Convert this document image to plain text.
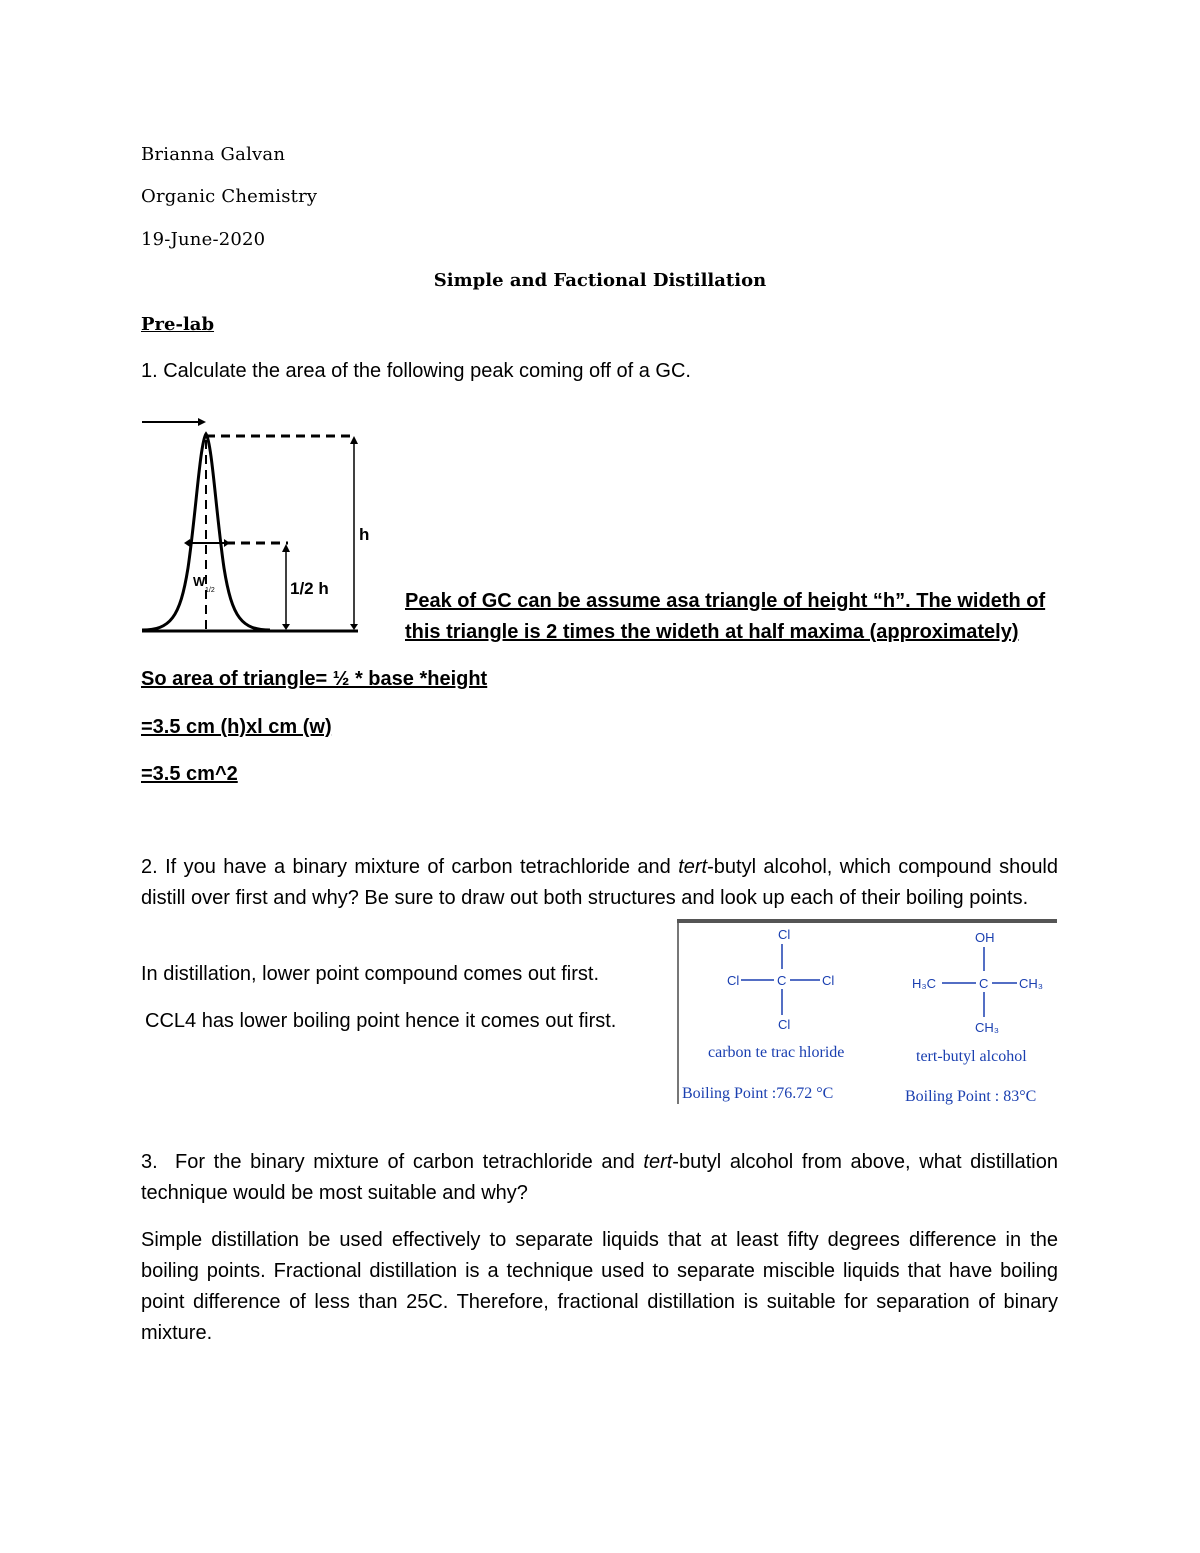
Brianna Galvan
Organic Chemistry
19-June-2020
Simple and Factional Distillation
Pre-lab
1. Calculate the area of the following peak coming off of a GC.
h
1/2 h
W
1/2	Peak of GC can be assume asa triangle of height “h”. The wideth of
this triangle is 2 times the wideth at half maxima (approximately)
So area of triangle= ½ * base *height
=3.5 cm (h)xl cm (w)
=3.5 cm^2
2. If you have a binary mixture of carbon tetrachloride and tert-butyl alcohol, which compound should distill over first and why? Be sure to draw out both structures and look up each of their boiling points.
In distillation, lower point compound comes out first.
CCL4 has lower boiling point hence it comes out first.
Cl
Cl	C	Cl
Cl
OH
H₃C	C CH₃
CH₃
carbon te trac hloride	tert-butyl alcohol
Boiling Point :76.72 °C	Boiling Point : 83°C
3. For the binary mixture of carbon tetrachloride and tert-butyl alcohol from above, what distillation technique would be most suitable and why?
Simple distillation be used effectively to separate liquids that at least fifty degrees difference in the boiling points. Fractional distillation is a technique used to separate miscible liquids that have boiling point difference of less than 25C. Therefore, fractional distillation is suitable for separation of binary mixture.
